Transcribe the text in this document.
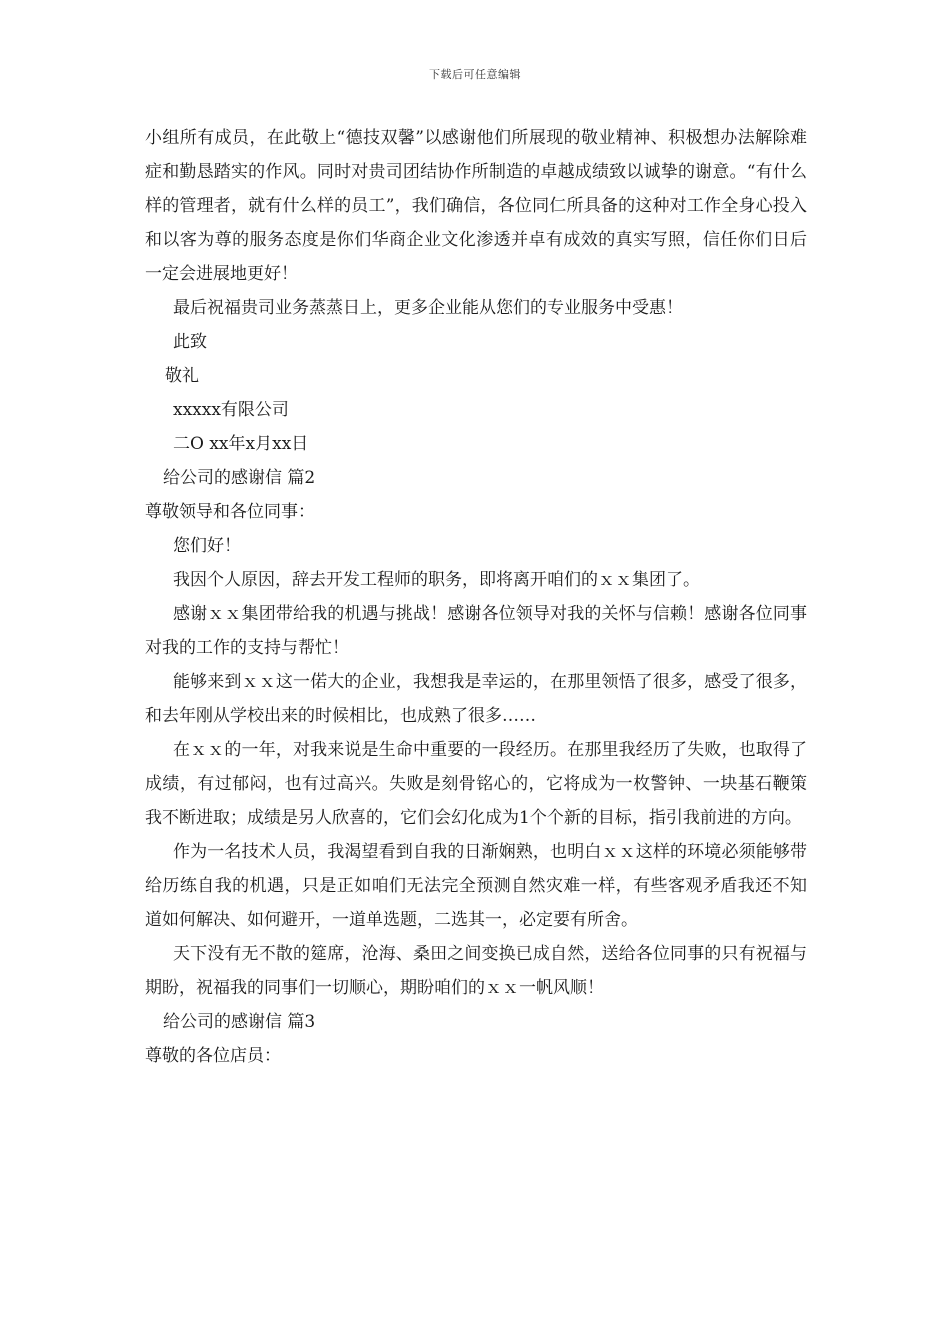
下载后可任意编辑

小组所有成员，在此敬上“德技双馨”以感谢他们所展现的敬业精神、积极想办法解除难症和勤恳踏实的作风。同时对贵司团结协作所制造的卓越成绩致以诚挚的谢意。“有什么样的管理者，就有什么样的员工”，我们确信，各位同仁所具备的这种对工作全身心投入和以客为尊的服务态度是你们华商企业文化渗透并卓有成效的真实写照，信任你们日后一定会进展地更好！

最后祝福贵司业务蒸蒸日上，更多企业能从您们的专业服务中受惠！

此致

敬礼

xxxxx有限公司

二O xx年x月xx日

给公司的感谢信 篇2

尊敬领导和各位同事：

您们好！

我因个人原因，辞去开发工程师的职务，即将离开咱们的ｘｘ集团了。

感谢ｘｘ集团带给我的机遇与挑战！感谢各位领导对我的关怀与信赖！感谢各位同事对我的工作的支持与帮忙！

能够来到ｘｘ这一偌大的企业，我想我是幸运的，在那里领悟了很多，感受了很多，和去年刚从学校出来的时候相比，也成熟了很多……

在ｘｘ的一年，对我来说是生命中重要的一段经历。在那里我经历了失败，也取得了成绩，有过郁闷，也有过高兴。失败是刻骨铭心的，它将成为一枚警钟、一块基石鞭策我不断进取；成绩是另人欣喜的，它们会幻化成为1个个新的目标，指引我前进的方向。

作为一名技术人员，我渴望看到自我的日渐娴熟，也明白ｘｘ这样的环境必须能够带给历练自我的机遇，只是正如咱们无法完全预测自然灾难一样，有些客观矛盾我还不知道如何解决、如何避开，一道单选题，二选其一，必定要有所舍。

天下没有无不散的筵席，沧海、桑田之间变换已成自然，送给各位同事的只有祝福与期盼，祝福我的同事们一切顺心，期盼咱们的ｘｘ一帆风顺！

给公司的感谢信 篇3

尊敬的各位店员：
